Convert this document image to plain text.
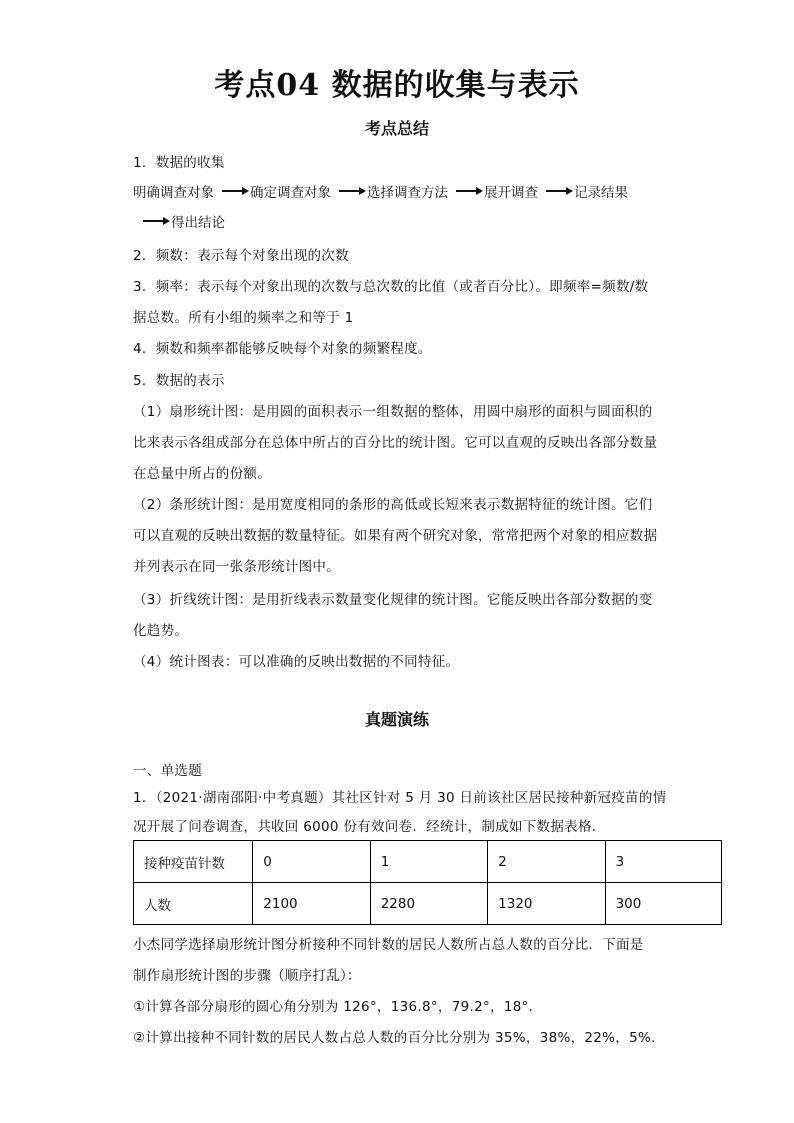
考点04 数据的收集与表示
考点总结
1．数据的收集
明确调查对象	确定调查对象	选择调查方法	展开调查	记录结果
得出结论
2．频数：表示每个对象出现的次数
3．频率：表示每个对象出现的次数与总次数的比值（或者百分比）。即频率=频数/数
据总数。所有小组的频率之和等于 1
4．频数和频率都能够反映每个对象的频繁程度。
5．数据的表示
（1）扇形统计图：是用圆的面积表示一组数据的整体，用圆中扇形的面积与圆面积的
比来表示各组成部分在总体中所占的百分比的统计图。它可以直观的反映出各部分数量
在总量中所占的份额。
（2）条形统计图：是用宽度相同的条形的高低或长短来表示数据特征的统计图。它们
可以直观的反映出数据的数量特征。如果有两个研究对象，常常把两个对象的相应数据
并列表示在同一张条形统计图中。
（3）折线统计图：是用折线表示数量变化规律的统计图。它能反映出各部分数据的变
化趋势。
（4）统计图表：可以准确的反映出数据的不同特征。
真题演练
一、单选题
1．（2021·湖南邵阳·中考真题）其社区针对 5 月 30 日前该社区居民接种新冠疫苗的情
况开展了问卷调查，共收回 6000 份有效问卷．经统计，制成如下数据表格．
接种疫苗针数	0	1	2	3
人数	2100	2280	1320	300
小杰同学选择扇形统计图分析接种不同针数的居民人数所占总人数的百分比．下面是
制作扇形统计图的步骤（顺序打乱）：
①计算各部分扇形的圆心角分别为 126°，136.8°，79.2°，18°．
②计算出接种不同针数的居民人数占总人数的百分比分别为 35%，38%，22%，5%．
